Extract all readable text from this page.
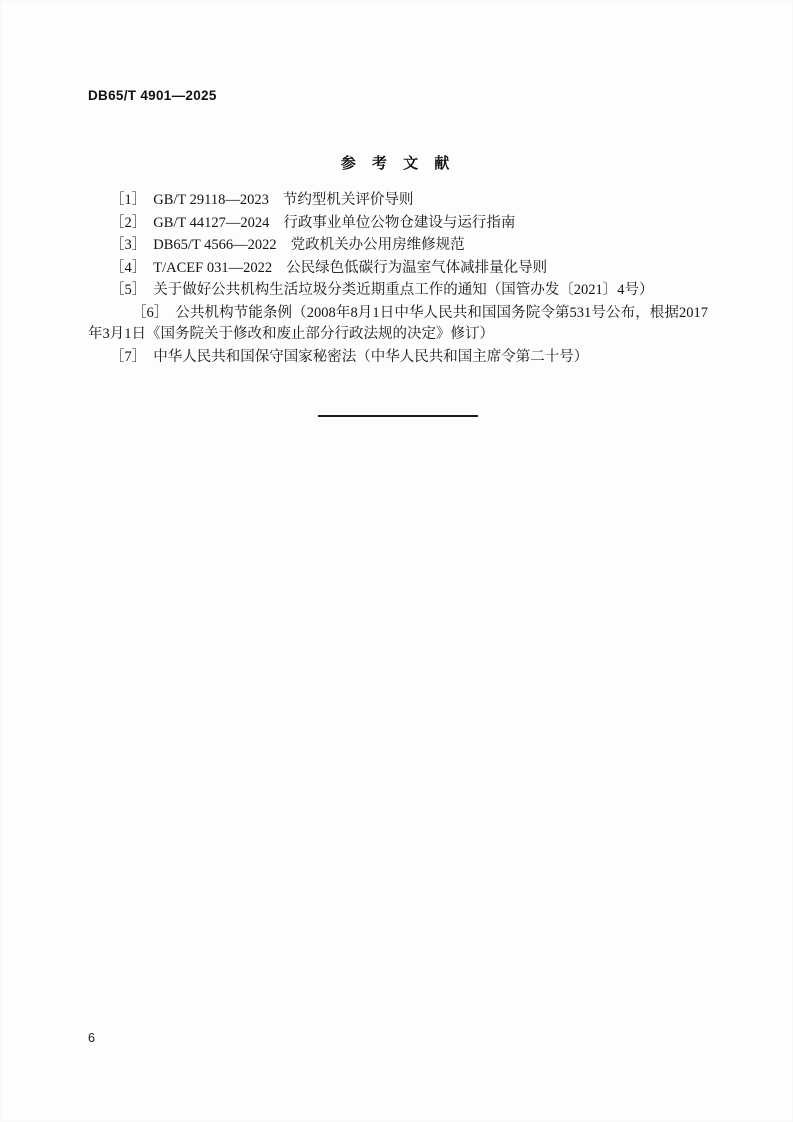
DB65/T 4901—2025
参 考 文 献
［1］ GB/T 29118—2023 节约型机关评价导则
［2］ GB/T 44127—2024 行政事业单位公物仓建设与运行指南
［3］ DB65/T 4566—2022 党政机关办公用房维修规范
［4］ T/ACEF 031—2022 公民绿色低碳行为温室气体减排量化导则
［5］ 关于做好公共机构生活垃圾分类近期重点工作的通知（国管办发〔2021〕4号）
［6］ 公共机构节能条例（2008年8月1日中华人民共和国国务院令第531号公布，根据2017年3月1日《国务院关于修改和废止部分行政法规的决定》修订）
［7］ 中华人民共和国保守国家秘密法（中华人民共和国主席令第二十号）
6
